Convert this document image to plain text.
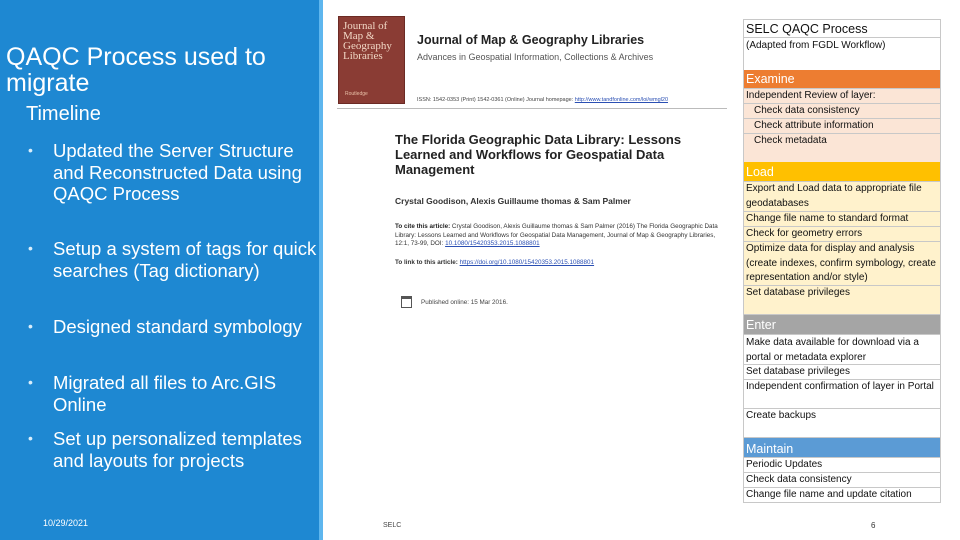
QAQC Process used to migrate
Timeline
• Updated the Server Structure and Reconstructed Data using QAQC Process
• Setup a system of tags for quick searches (Tag dictionary)
• Designed standard symbology
• Migrated all files to Arc.GIS Online
• Set up personalized templates and layouts for projects
10/29/2021
Journal of Map & Geography Libraries
Routledge
Journal of Map & Geography Libraries
Advances in Geospatial Information, Collections & Archives
ISSN: 1542-0353 (Print) 1542-0361 (Online) Journal homepage: http://www.tandfonline.com/loi/wmgl20
The Florida Geographic Data Library: Lessons Learned and Workflows for Geospatial Data Management
Crystal Goodison, Alexis Guillaume thomas & Sam Palmer
To cite this article: Crystal Goodison, Alexis Guillaume thomas & Sam Palmer (2016) The Florida Geographic Data Library: Lessons Learned and Workflows for Geospatial Data Management, Journal of Map & Geography Libraries, 12:1, 73-99, DOI: 10.1080/15420353.2015.1088801
To link to this article: https://doi.org/10.1080/15420353.2015.1088801
Published online: 15 Mar 2016.
SELC	6
SELC QAQC Process
(Adapted from FGDL Workflow)
Examine
Independent Review of layer:
Check data consistency
Check attribute information
Check metadata
Load
Export and Load data to appropriate file geodatabases
Change file name to standard format
Check for geometry errors
Optimize data for display and analysis (create indexes, confirm symbology, create representation and/or style)
Set database privileges
Enter
Make data available for download via a portal or metadata explorer
Set database privileges
Independent confirmation of layer in Portal
Create backups
Maintain
Periodic Updates
Check data consistency
Change file name and update citation
